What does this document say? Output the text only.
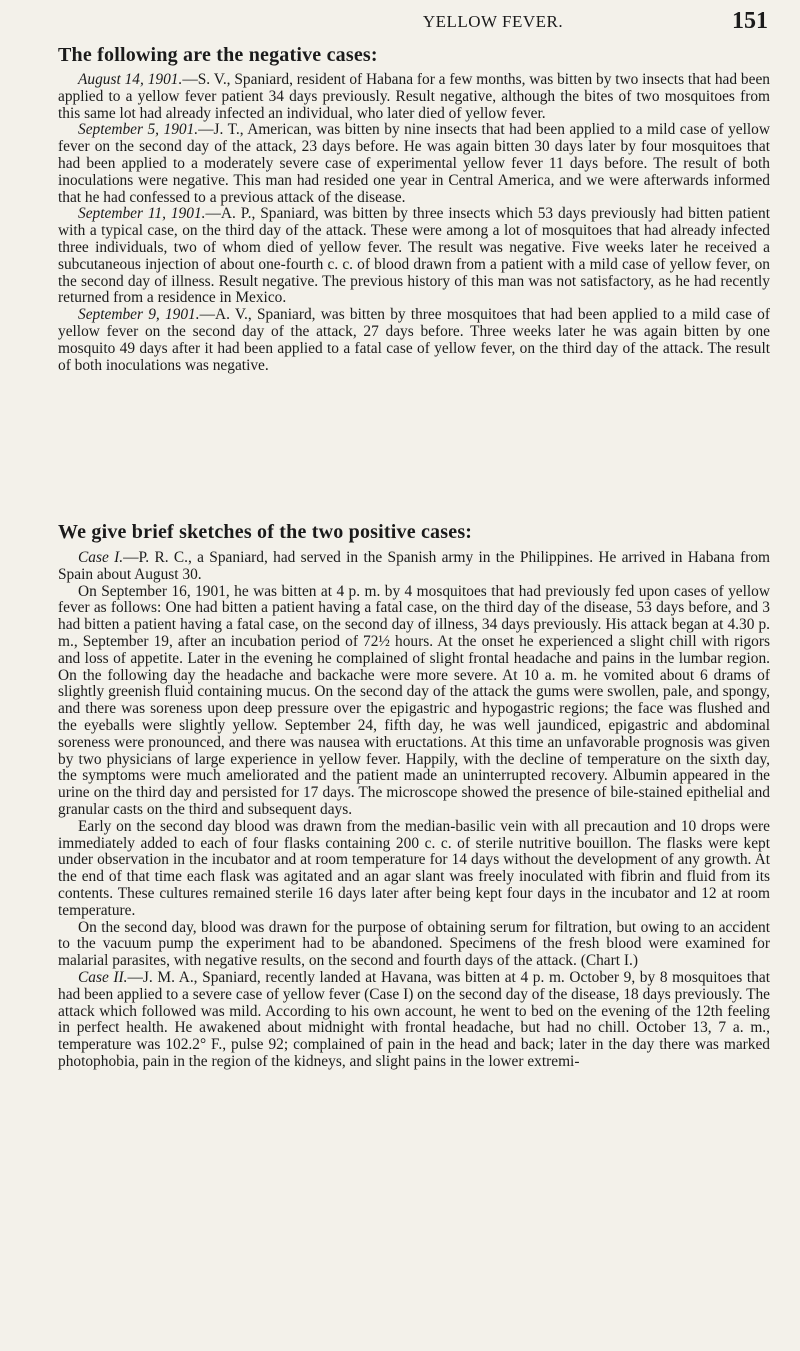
YELLOW FEVER.	151
The following are the negative cases:

August 14, 1901.—S. V., Spaniard, resident of Habana for a few months, was bitten by two insects that had been applied to a yellow fever patient 34 days previously. Result negative, although the bites of two mosquitoes from this same lot had already infected an individual, who later died of yellow fever.

September 5, 1901.—J. T., American, was bitten by nine insects that had been applied to a mild case of yellow fever on the second day of the attack, 23 days before. He was again bitten 30 days later by four mosquitoes that had been applied to a moderately severe case of experimental yellow fever 11 days before. The result of both inoculations were negative. This man had resided one year in Central America, and we were afterwards informed that he had confessed to a previous attack of the disease.

September 11, 1901.—A. P., Spaniard, was bitten by three insects which 53 days previously had bitten patient with a typical case, on the third day of the attack. These were among a lot of mosquitoes that had already infected three individuals, two of whom died of yellow fever. The result was negative. Five weeks later he received a subcutaneous injection of about one-fourth c. c. of blood drawn from a patient with a mild case of yellow fever, on the second day of illness. Result negative. The previous history of this man was not satisfactory, as he had recently returned from a residence in Mexico.

September 9, 1901.—A. V., Spaniard, was bitten by three mosquitoes that had been applied to a mild case of yellow fever on the second day of the attack, 27 days before. Three weeks later he was again bitten by one mosquito 49 days after it had been applied to a fatal case of yellow fever, on the third day of the attack. The result of both inoculations was negative.

We give brief sketches of the two positive cases:

Case I.—P. R. C., a Spaniard, had served in the Spanish army in the Philippines. He arrived in Habana from Spain about August 30.

On September 16, 1901, he was bitten at 4 p. m. by 4 mosquitoes that had previously fed upon cases of yellow fever as follows: One had bitten a patient having a fatal case, on the third day of the disease, 53 days before, and 3 had bitten a patient having a fatal case, on the second day of illness, 34 days previously. His attack began at 4.30 p. m., September 19, after an incubation period of 72½ hours. At the onset he experienced a slight chill with rigors and loss of appetite. Later in the evening he complained of slight frontal headache and pains in the lumbar region. On the following day the headache and backache were more severe. At 10 a. m. he vomited about 6 drams of slightly greenish fluid containing mucus. On the second day of the attack the gums were swollen, pale, and spongy, and there was soreness upon deep pressure over the epigastric and hypogastric regions; the face was flushed and the eyeballs were slightly yellow. September 24, fifth day, he was well jaundiced, epigastric and abdominal soreness were pronounced, and there was nausea with eructations. At this time an unfavorable prognosis was given by two physicians of large experience in yellow fever. Happily, with the decline of temperature on the sixth day, the symptoms were much ameliorated and the patient made an uninterrupted recovery. Albumin appeared in the urine on the third day and persisted for 17 days. The microscope showed the presence of bile-stained epithelial and granular casts on the third and subsequent days.

Early on the second day blood was drawn from the median-basilic vein with all precaution and 10 drops were immediately added to each of four flasks containing 200 c. c. of sterile nutritive bouillon. The flasks were kept under observation in the incubator and at room temperature for 14 days without the development of any growth. At the end of that time each flask was agitated and an agar slant was freely inoculated with fibrin and fluid from its contents. These cultures remained sterile 16 days later after being kept four days in the incubator and 12 at room temperature.

On the second day, blood was drawn for the purpose of obtaining serum for filtration, but owing to an accident to the vacuum pump the experiment had to be abandoned. Specimens of the fresh blood were examined for malarial parasites, with negative results, on the second and fourth days of the attack. (Chart I.)

Case II.—J. M. A., Spaniard, recently landed at Havana, was bitten at 4 p. m. October 9, by 8 mosquitoes that had been applied to a severe case of yellow fever (Case I) on the second day of the disease, 18 days previously. The attack which followed was mild. According to his own account, he went to bed on the evening of the 12th feeling in perfect health. He awakened about midnight with frontal headache, but had no chill. October 13, 7 a. m., temperature was 102.2° F., pulse 92; complained of pain in the head and back; later in the day there was marked photophobia, pain in the region of the kidneys, and slight pains in the lower extremi-
